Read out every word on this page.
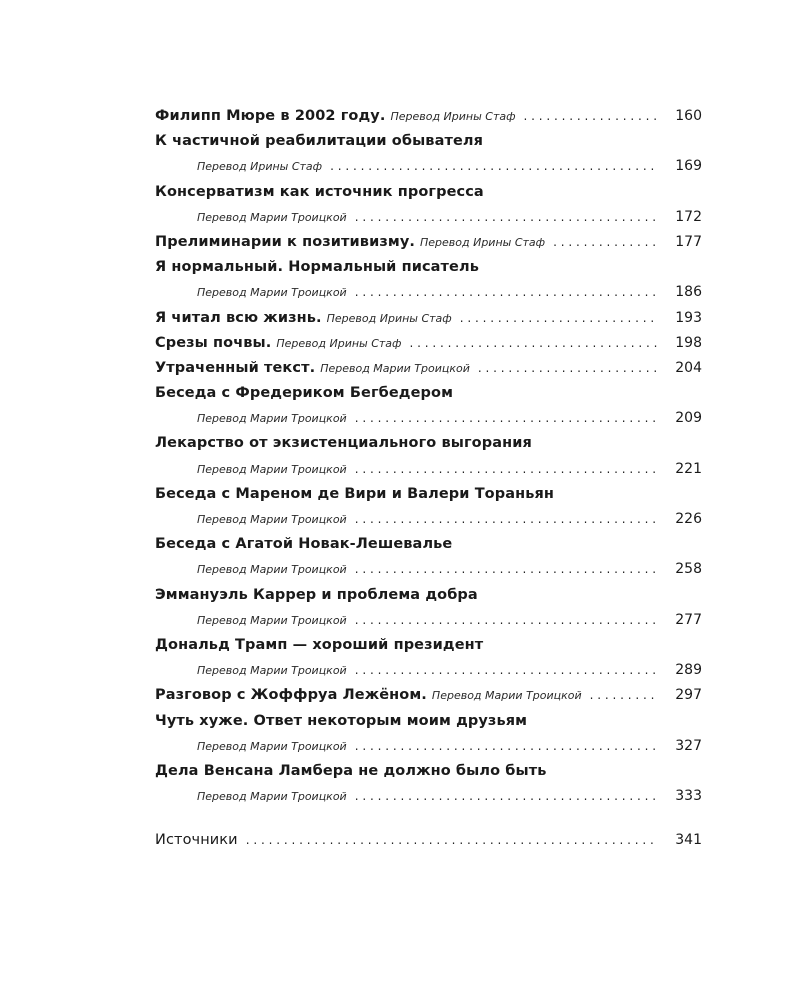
Филипп Мюре в 2002 году. Перевод Ирины Стаф . . .	160
К частичной реабилитации обывателя
Перевод Ирины Стаф . . .	169
Консерватизм как источник прогресса
Перевод Марии Троицкой . . .	172
Прелиминарии к позитивизму. Перевод Ирины Стаф . . .	177
Я нормальный. Нормальный писатель
Перевод Марии Троицкой . . .	186
Я читал всю жизнь. Перевод Ирины Стаф . . .	193
Срезы почвы. Перевод Ирины Стаф . . .	198
Утраченный текст. Перевод Марии Троицкой . . .	204
Беседа с Фредериком Бегбедером
Перевод Марии Троицкой . . .	209
Лекарство от экзистенциального выгорания
Перевод Марии Троицкой . . .	221
Беседа с Мареном де Вири и Валери Тораньян
Перевод Марии Троицкой . . .	226
Беседа с Агатой Новак-Лешевалье
Перевод Марии Троицкой . . .	258
Эммануэль Каррер и проблема добра
Перевод Марии Троицкой . . .	277
Дональд Трамп — хороший президент
Перевод Марии Троицкой . . .	289
Разговор с Жоффруа Лежёном. Перевод Марии Троицкой . . .	297
Чуть хуже. Ответ некоторым моим друзьям
Перевод Марии Троицкой . . .	327
Дела Венсана Ламбера не должно было быть
Перевод Марии Троицкой . . .	333
Источники . . .	341
